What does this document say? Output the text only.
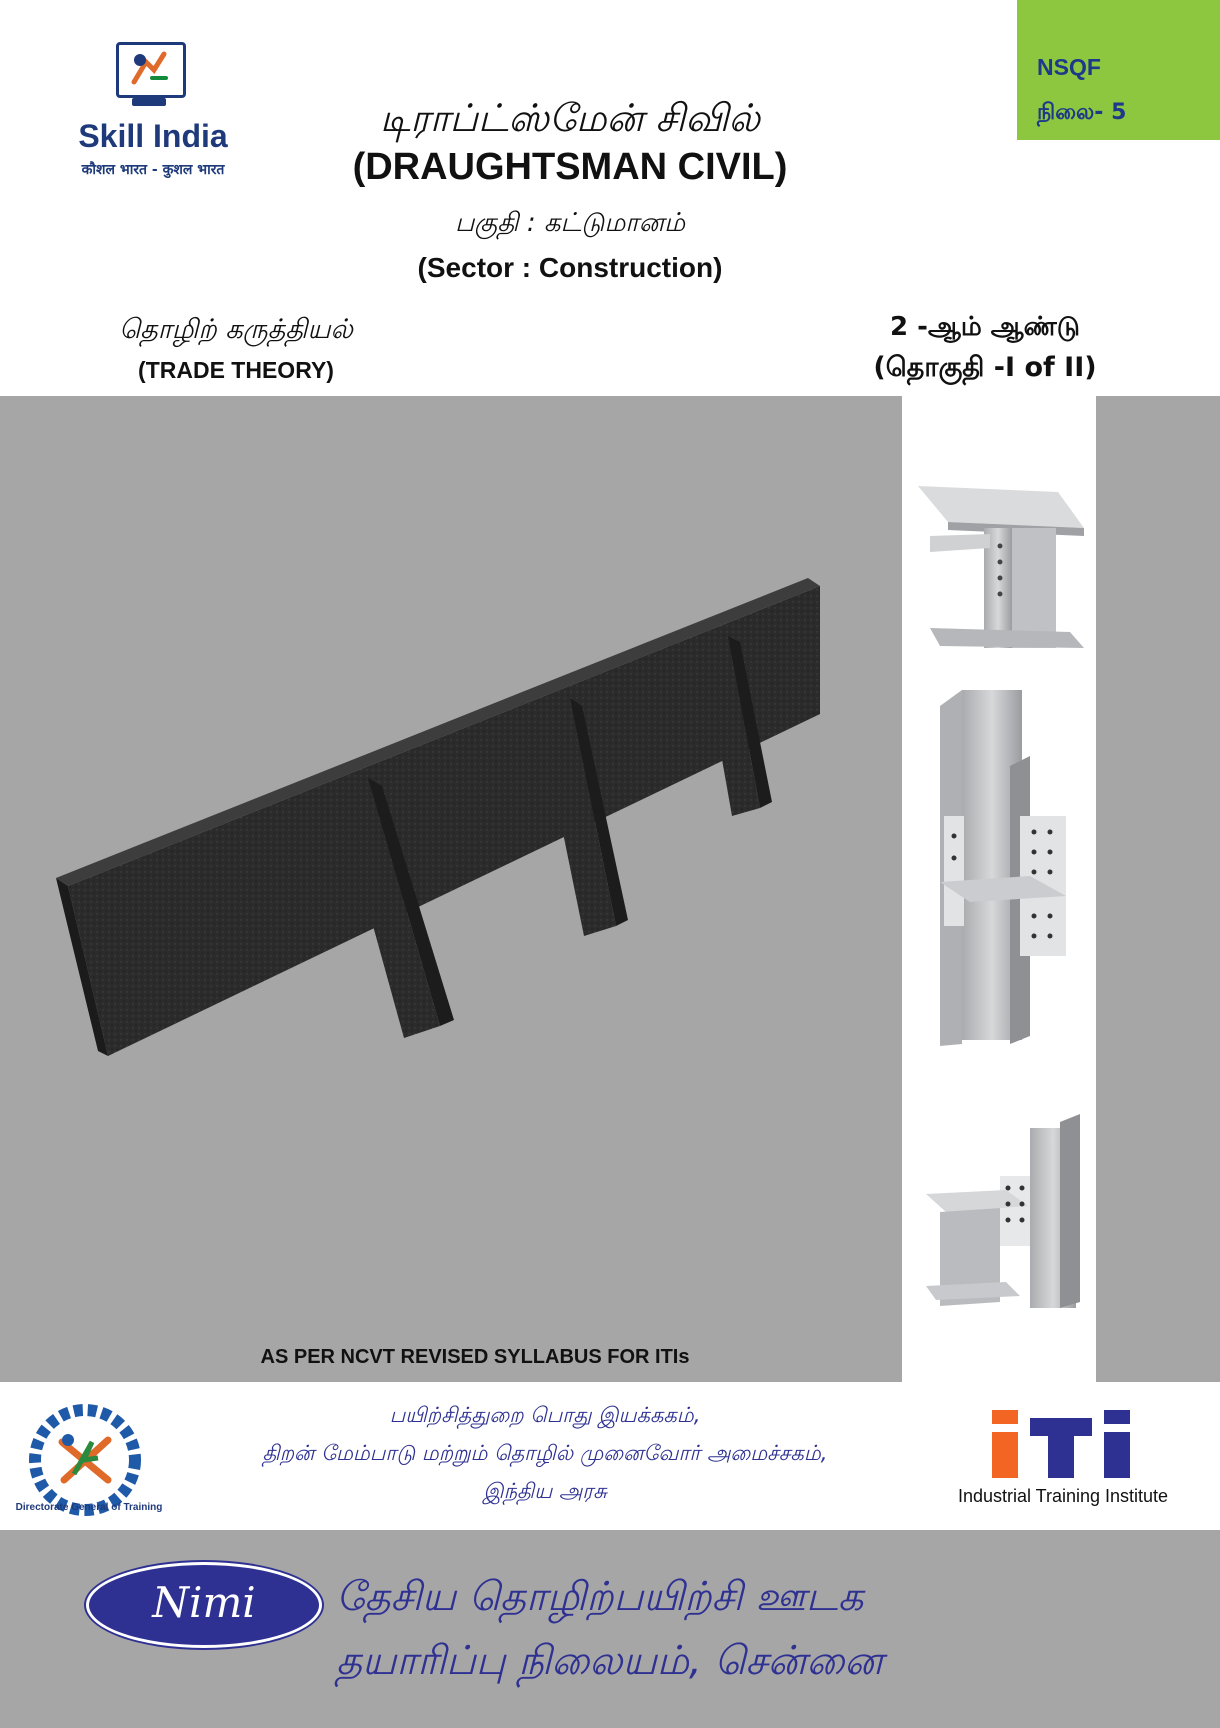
Skill India
कौशल भारत - कुशल भारत
NSQF
நிலை- 5
டிராப்ட்ஸ்மேன் சிவில்
(DRAUGHTSMAN CIVIL)
பகுதி : கட்டுமானம்
(Sector : Construction)
தொழிற் கருத்தியல்
(TRADE THEORY)
2 -ஆம் ஆண்டு
(தொகுதி -I of II)
AS PER NCVT REVISED SYLLABUS FOR ITIs
Directorate General of Training
பயிற்சித்துறை பொது இயக்ககம்,
திறன் மேம்பாடு மற்றும் தொழில் முனைவோர் அமைச்சகம்,
இந்திய அரசு	Industrial Training Institute
Nimi	தேசிய தொழிற்பயிற்சி ஊடக
தயாரிப்பு நிலையம், சென்னை
